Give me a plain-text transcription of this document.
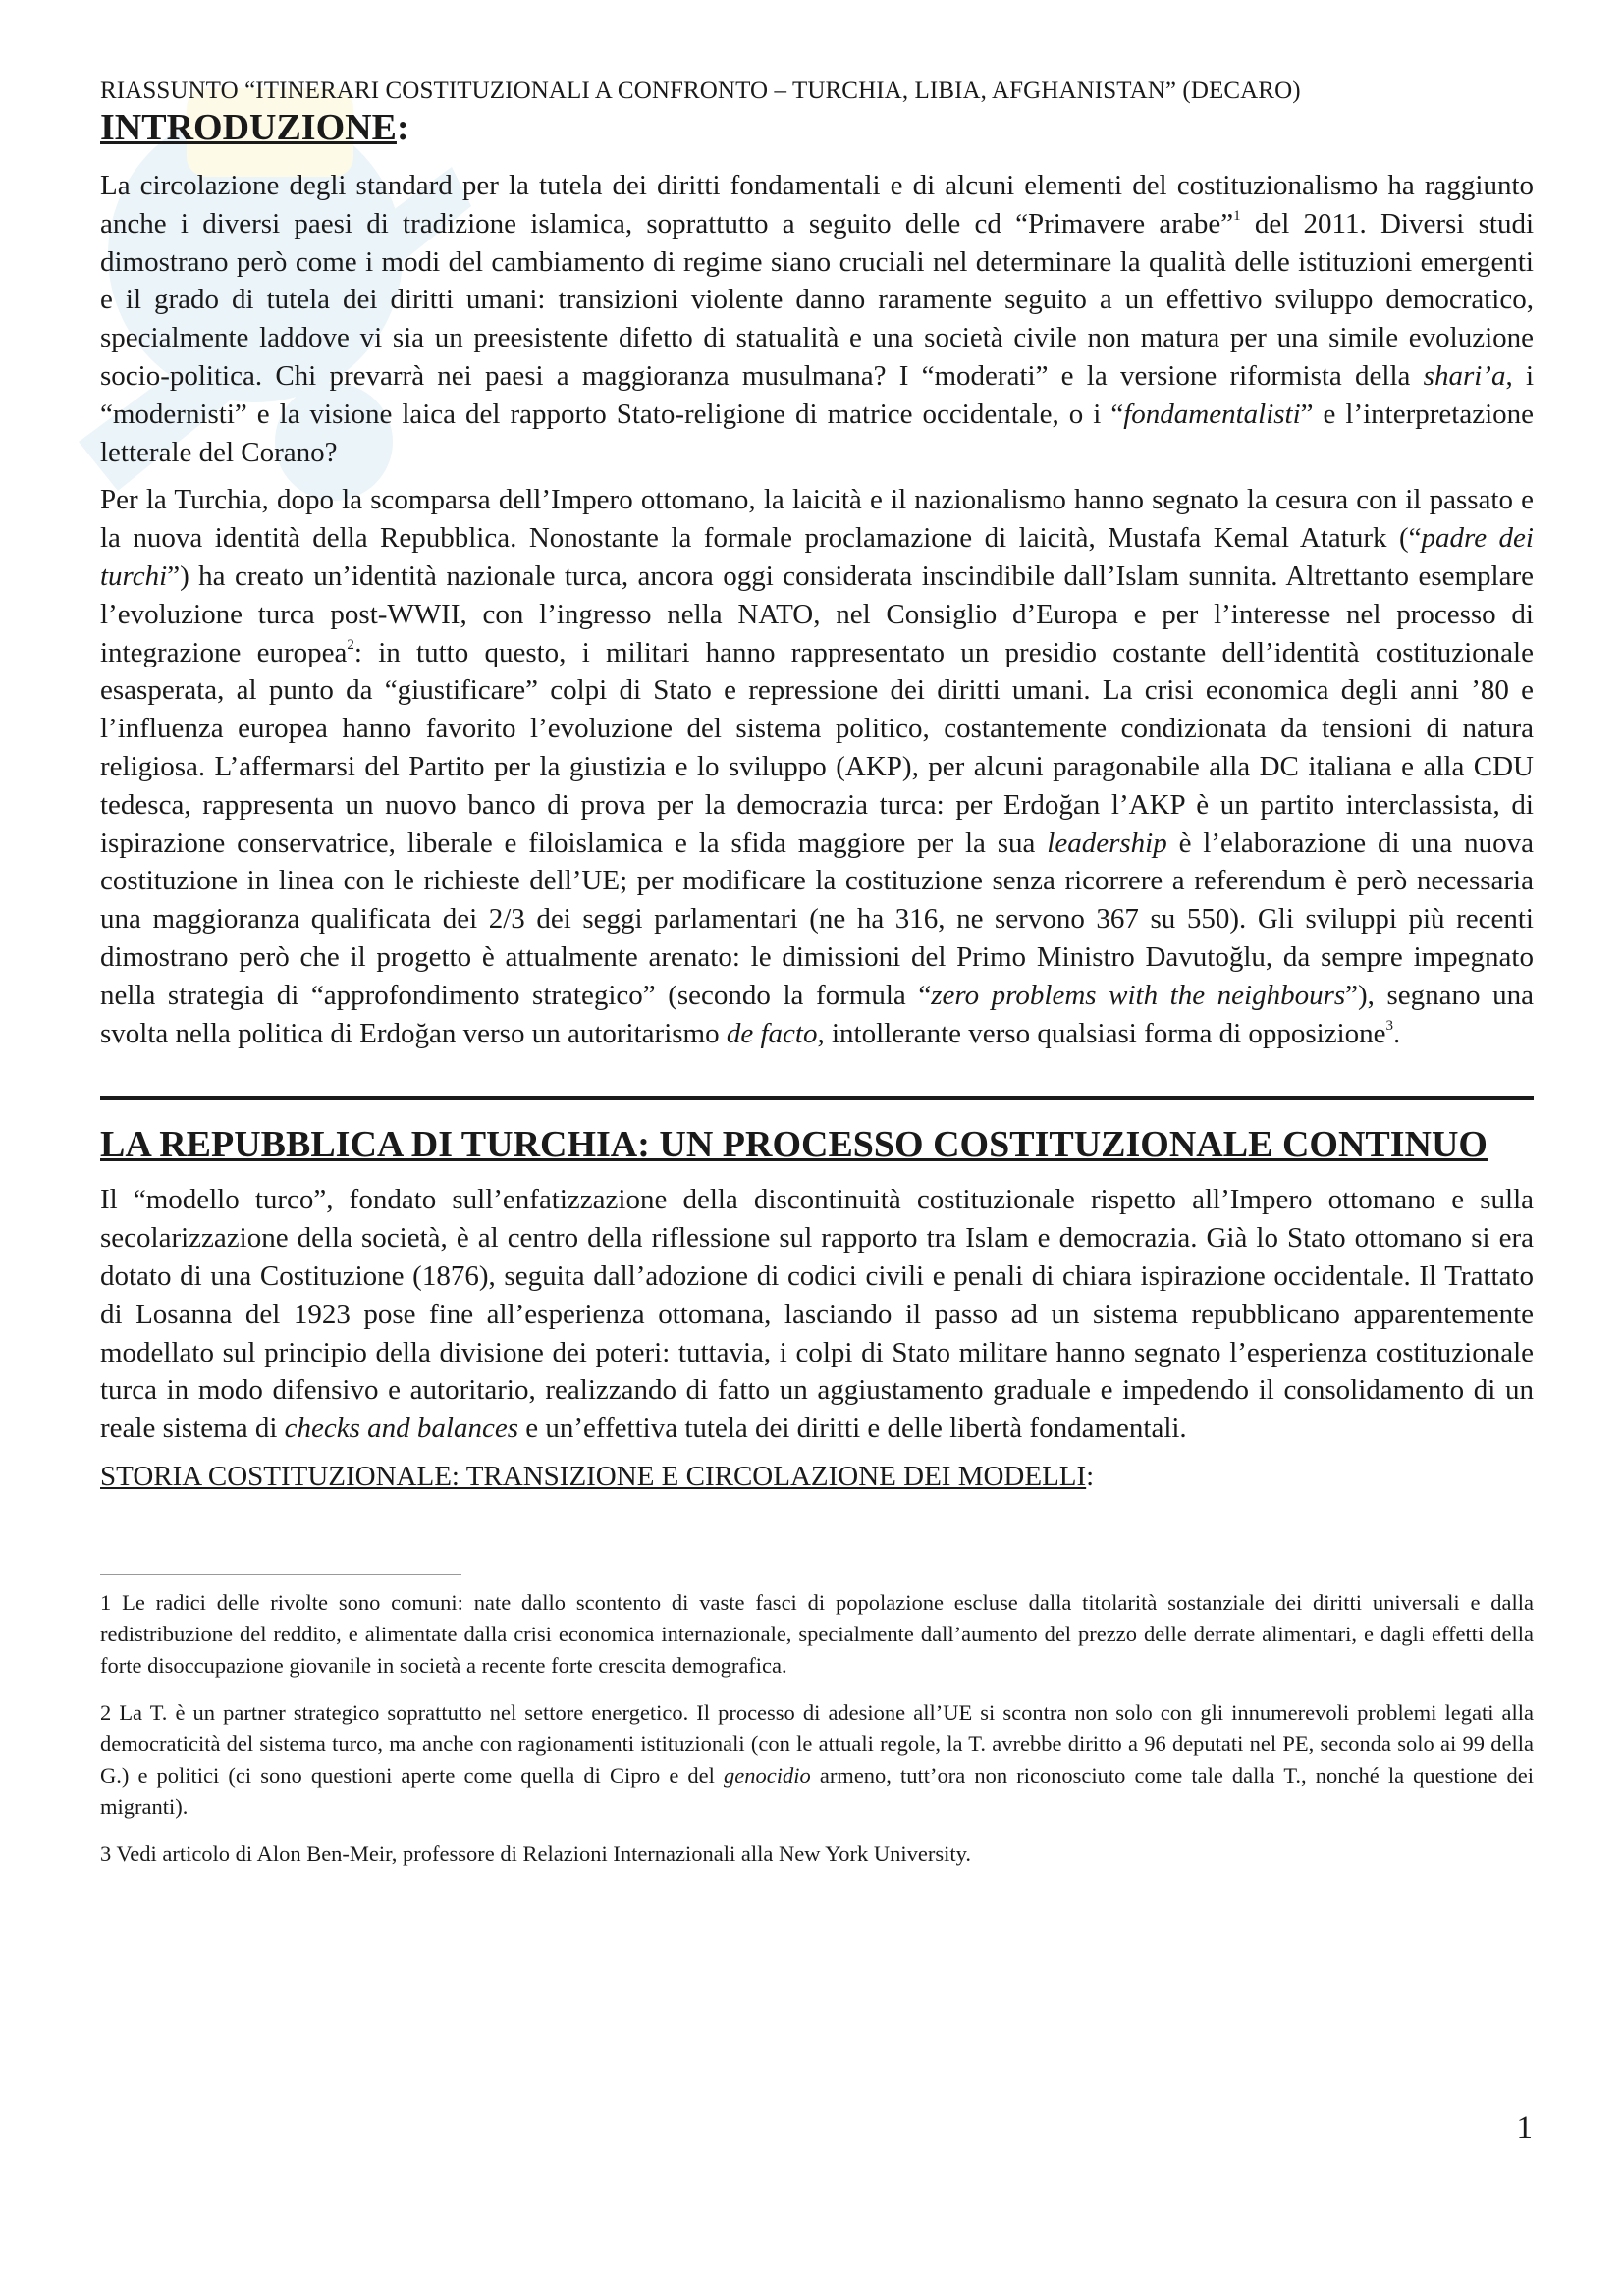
RIASSUNTO “ITINERARI COSTITUZIONALI A CONFRONTO – TURCHIA, LIBIA, AFGHANISTAN” (DECARO)

INTRODUZIONE:

La circolazione degli standard per la tutela dei diritti fondamentali e di alcuni elementi del costituzionalismo ha raggiunto anche i diversi paesi di tradizione islamica, soprattutto a seguito delle cd “Primavere arabe”$^1$ del 2011. Diversi studi dimostrano però come i modi del cambiamento di regime siano cruciali nel determinare la qualità delle istituzioni emergenti e il grado di tutela dei diritti umani: transizioni violente danno raramente seguito a un effettivo sviluppo democratico, specialmente laddove vi sia un preesistente difetto di statualità e una società civile non matura per una simile evoluzione socio-politica. Chi prevarrà nei paesi a maggioranza musulmana? I “moderati” e la versione riformista della shari’a, i “modernisti” e la visione laica del rapporto Stato-religione di matrice occidentale, o i “fondamentalisti” e l’interpretazione letterale del Corano?

Per la Turchia, dopo la scomparsa dell’Impero ottomano, la laicità e il nazionalismo hanno segnato la cesura con il passato e la nuova identità della Repubblica. Nonostante la formale proclamazione di laicità, Mustafa Kemal Ataturk (“padre dei turchi”) ha creato un’identità nazionale turca, ancora oggi considerata inscindibile dall’Islam sunnita. Altrettanto esemplare l’evoluzione turca post-WWII, con l’ingresso nella NATO, nel Consiglio d’Europa e per l’interesse nel processo di integrazione europea$^2$: in tutto questo, i militari hanno rappresentato un presidio costante dell’identità costituzionale esasperata, al punto da “giustificare” colpi di Stato e repressione dei diritti umani. La crisi economica degli anni ’80 e l’influenza europea hanno favorito l’evoluzione del sistema politico, costantemente condizionata da tensioni di natura religiosa. L’affermarsi del Partito per la giustizia e lo sviluppo (AKP), per alcuni paragonabile alla DC italiana e alla CDU tedesca, rappresenta un nuovo banco di prova per la democrazia turca: per Erdoğan l’AKP è un partito interclassista, di ispirazione conservatrice, liberale e filoislamica e la sfida maggiore per la sua leadership è l’elaborazione di una nuova costituzione in linea con le richieste dell’UE; per modificare la costituzione senza ricorrere a referendum è però necessaria una maggioranza qualificata dei 2/3 dei seggi parlamentari (ne ha 316, ne servono 367 su 550). Gli sviluppi più recenti dimostrano però che il progetto è attualmente arenato: le dimissioni del Primo Ministro Davutoğlu, da sempre impegnato nella strategia di “approfondimento strategico” (secondo la formula “zero problems with the neighbours”), segnano una svolta nella politica di Erdoğan verso un autoritarismo de facto, intollerante verso qualsiasi forma di opposizione$^3$.

LA REPUBBLICA DI TURCHIA: UN PROCESSO COSTITUZIONALE CONTINUO

Il “modello turco”, fondato sull’enfatizzazione della discontinuità costituzionale rispetto all’Impero ottomano e sulla secolarizzazione della società, è al centro della riflessione sul rapporto tra Islam e democrazia. Già lo Stato ottomano si era dotato di una Costituzione (1876), seguita dall’adozione di codici civili e penali di chiara ispirazione occidentale. Il Trattato di Losanna del 1923 pose fine all’esperienza ottomana, lasciando il passo ad un sistema repubblicano apparentemente modellato sul principio della divisione dei poteri: tuttavia, i colpi di Stato militare hanno segnato l’esperienza costituzionale turca in modo difensivo e autoritario, realizzando di fatto un aggiustamento graduale e impedendo il consolidamento di un reale sistema di checks and balances e un’effettiva tutela dei diritti e delle libertà fondamentali.

STORIA COSTITUZIONALE: TRANSIZIONE E CIRCOLAZIONE DEI MODELLI:

1 Le radici delle rivolte sono comuni: nate dallo scontento di vaste fasci di popolazione escluse dalla titolarità sostanziale dei diritti universali e dalla redistribuzione del reddito, e alimentate dalla crisi economica internazionale, specialmente dall’aumento del prezzo delle derrate alimentari, e dagli effetti della forte disoccupazione giovanile in società a recente forte crescita demografica.

2 La T. è un partner strategico soprattutto nel settore energetico. Il processo di adesione all’UE si scontra non solo con gli innumerevoli problemi legati alla democraticità del sistema turco, ma anche con ragionamenti istituzionali (con le attuali regole, la T. avrebbe diritto a 96 deputati nel PE, seconda solo ai 99 della G.) e politici (ci sono questioni aperte come quella di Cipro e del genocidio armeno, tutt’ora non riconosciuto come tale dalla T., nonché la questione dei migranti).

3 Vedi articolo di Alon Ben-Meir, professore di Relazioni Internazionali alla New York University.

1
